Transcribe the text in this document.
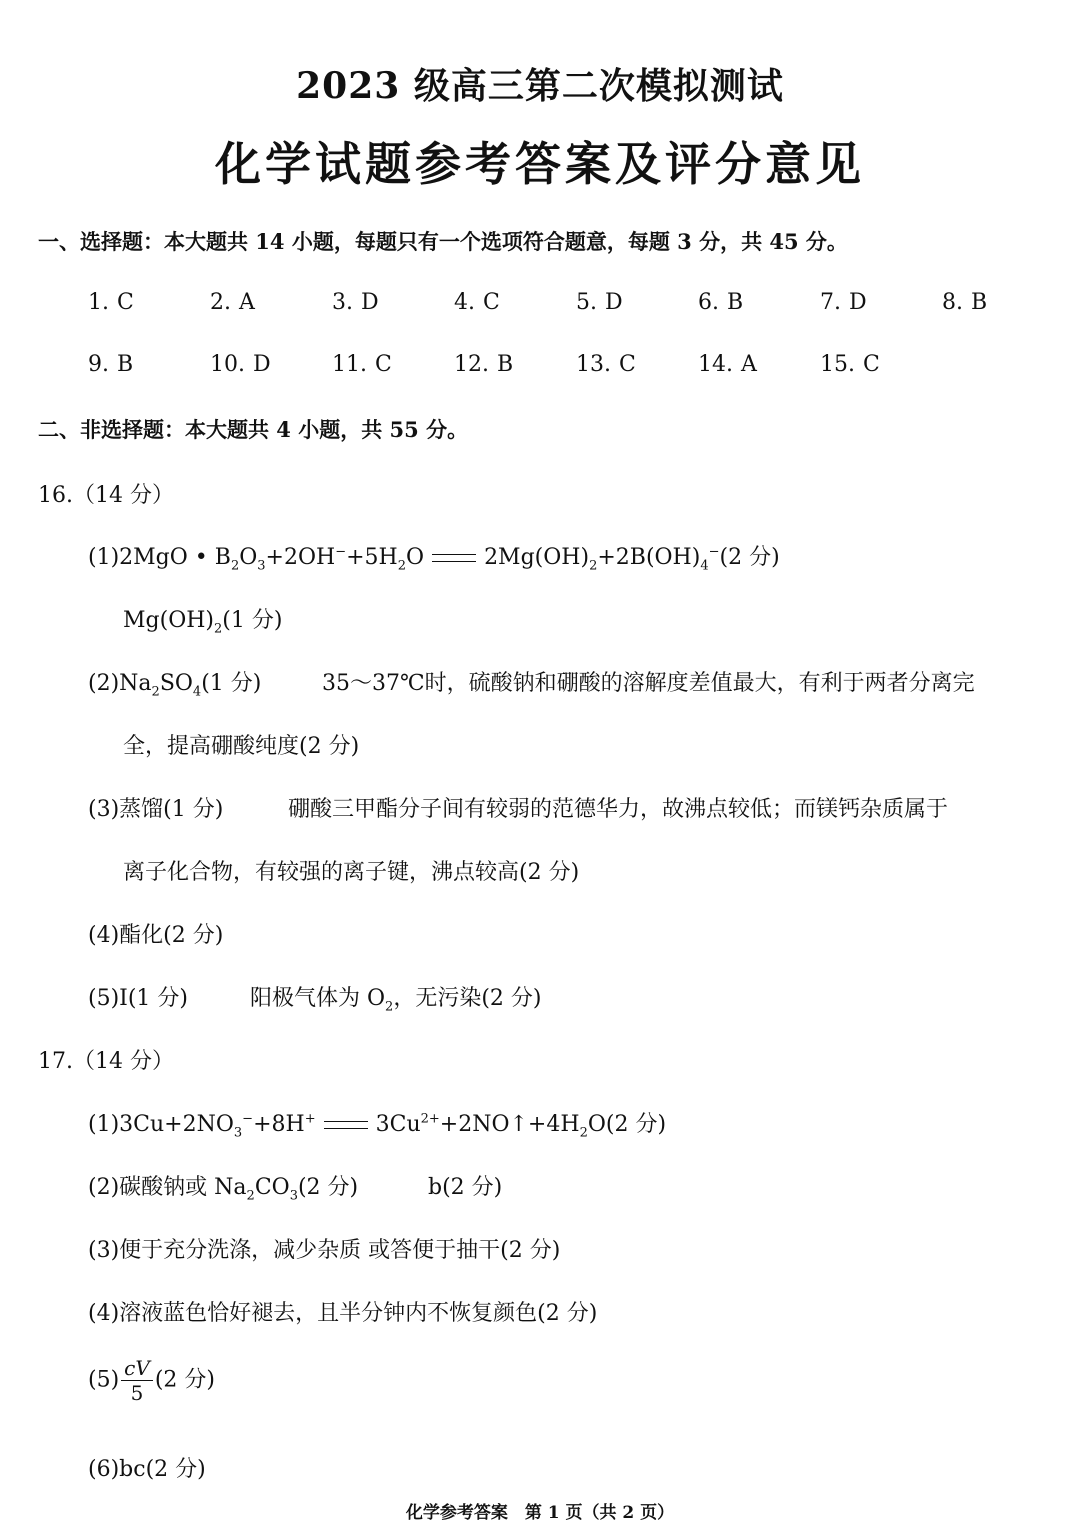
2023 级高三第二次模拟测试
化学试题参考答案及评分意见
一、选择题：本大题共 14 小题，每题只有一个选项符合题意，每题 3 分，共 45 分。
1. C	2. A	3. D	4. C	5. D	6. B	7. D	8. B
9. B	10. D	11. C	12. B	13. C	14. A	15. C
二、非选择题：本大题共 4 小题，共 55 分。
16.（14 分）
(1)2MgO • $B_2O_3+2OH^-+5H_2O$	$2Mg(OH)_2+2B(OH)_4^-(2$ 分)
$Mg(OH)_2(1$ 分)
$(2)Na_2SO_4(1$ 分)	35～37℃时，硫酸钠和硼酸的溶解度差值最大，有利于两者分离完
全，提高硼酸纯度(2 分)
(3)蒸馏(1 分)	硼酸三甲酯分子间有较弱的范德华力，故沸点较低；而镁钙杂质属于
离子化合物，有较强的离子键，沸点较高(2 分)
(4)酯化(2 分)
(5)I(1 分)	阳极气体为 $O_2$，无污染(2 分)
17.（14 分）
$(1)3Cu+2NO_3^-+8H^+$	$3Cu^{2+}+2NO↑+4H_2O(2$ 分)
(2)碳酸钠或 $Na_2CO_3(2$ 分)	b(2 分)
(3)便于充分洗涤，减少杂质 或答便于抽干(2 分)
(4)溶液蓝色恰好褪去，且半分钟内不恢复颜色(2 分)
$(5) \frac{cV}{5} (2$ 分)
(6)bc(2 分)
化学参考答案　第 1 页（共 2 页）
